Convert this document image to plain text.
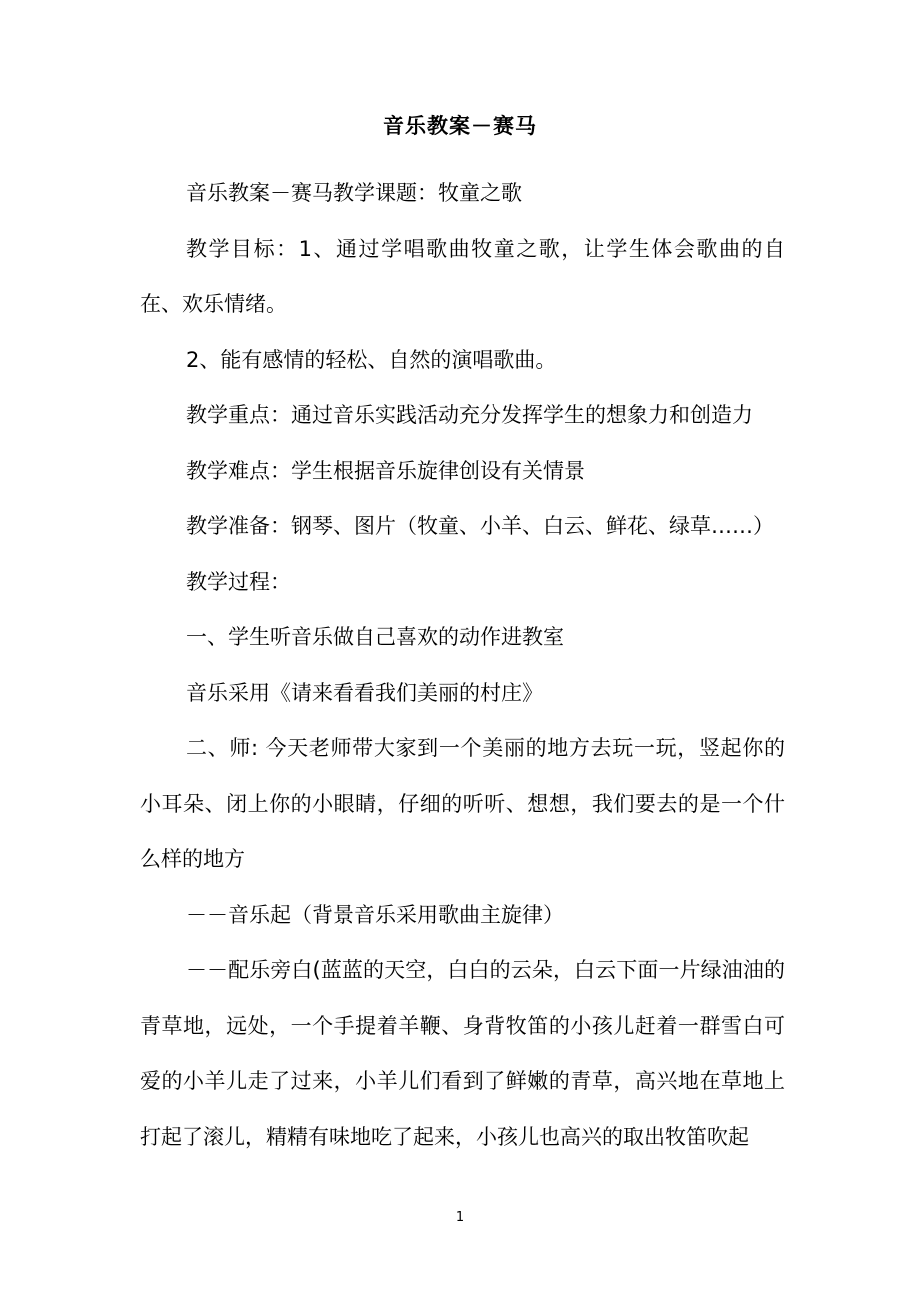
音乐教案－赛马

音乐教案－赛马教学课题：牧童之歌

教学目标：1、通过学唱歌曲牧童之歌，让学生体会歌曲的自在、欢乐情绪。

2、能有感情的轻松、自然的演唱歌曲。

教学重点：通过音乐实践活动充分发挥学生的想象力和创造力

教学难点：学生根据音乐旋律创设有关情景

教学准备：钢琴、图片（牧童、小羊、白云、鲜花、绿草……）

教学过程：

一、学生听音乐做自己喜欢的动作进教室

音乐采用《请来看看我们美丽的村庄》

二、师: 今天老师带大家到一个美丽的地方去玩一玩，竖起你的小耳朵、闭上你的小眼睛，仔细的听听、想想，我们要去的是一个什么样的地方

－－音乐起（背景音乐采用歌曲主旋律）

－－配乐旁白(蓝蓝的天空，白白的云朵，白云下面一片绿油油的青草地，远处，一个手提着羊鞭、身背牧笛的小孩儿赶着一群雪白可爱的小羊儿走了过来，小羊儿们看到了鲜嫩的青草，高兴地在草地上打起了滚儿，精精有味地吃了起来，小孩儿也高兴的取出牧笛吹起

1
